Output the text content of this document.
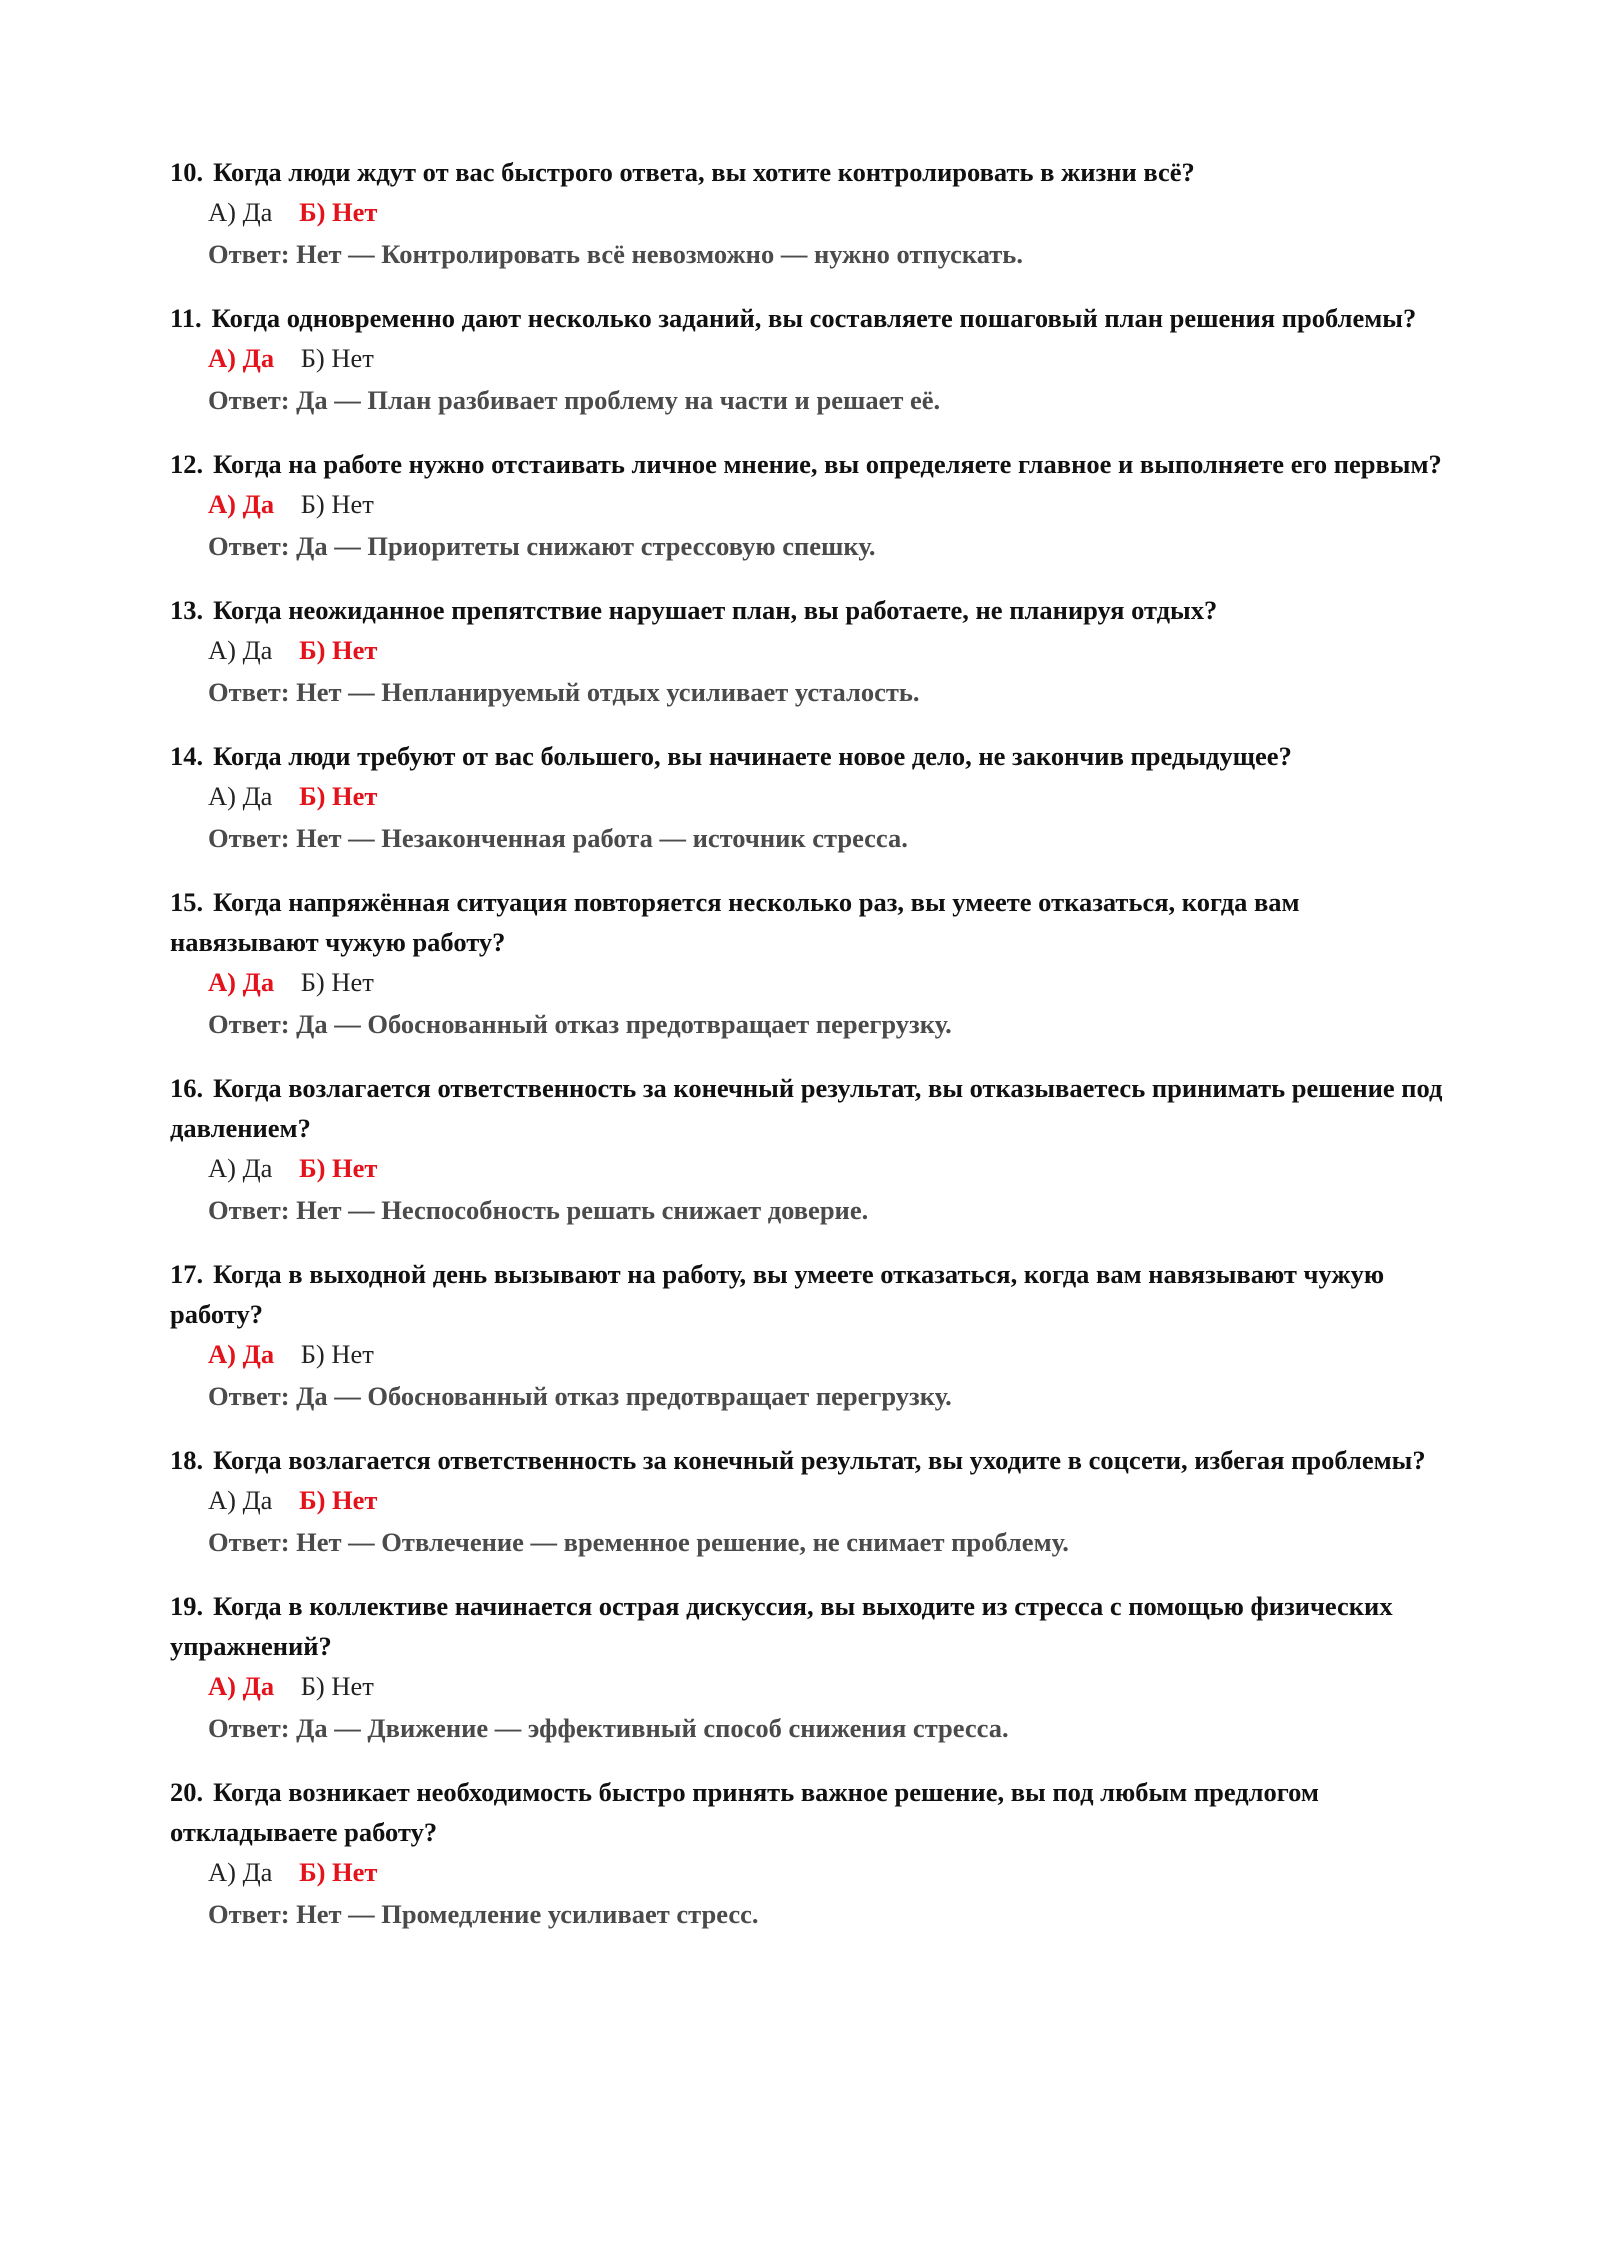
10. Когда люди ждут от вас быстрого ответа, вы хотите контролировать в жизни всё?

А) Да Б) Нет
Ответ: Нет — Контролировать всё невозможно — нужно отпускать.

11. Когда одновременно дают несколько заданий, вы составляете пошаговый план решения проблемы?

А) Да Б) Нет
Ответ: Да — План разбивает проблему на части и решает её.

12. Когда на работе нужно отстаивать личное мнение, вы определяете главное и выполняете его первым?

А) Да Б) Нет
Ответ: Да — Приоритеты снижают стрессовую спешку.

13. Когда неожиданное препятствие нарушает план, вы работаете, не планируя отдых?

А) Да Б) Нет
Ответ: Нет — Непланируемый отдых усиливает усталость.

14. Когда люди требуют от вас большего, вы начинаете новое дело, не закончив предыдущее?

А) Да Б) Нет
Ответ: Нет — Незаконченная работа — источник стресса.

15. Когда напряжённая ситуация повторяется несколько раз, вы умеете отказаться, когда вам навязывают чужую работу?

А) Да Б) Нет
Ответ: Да — Обоснованный отказ предотвращает перегрузку.

16. Когда возлагается ответственность за конечный результат, вы отказываетесь принимать решение под давлением?

А) Да Б) Нет
Ответ: Нет — Неспособность решать снижает доверие.

17. Когда в выходной день вызывают на работу, вы умеете отказаться, когда вам навязывают чужую работу?

А) Да Б) Нет
Ответ: Да — Обоснованный отказ предотвращает перегрузку.

18. Когда возлагается ответственность за конечный результат, вы уходите в соцсети, избегая проблемы?

А) Да Б) Нет
Ответ: Нет — Отвлечение — временное решение, не снимает проблему.

19. Когда в коллективе начинается острая дискуссия, вы выходите из стресса с помощью физических упражнений?

А) Да Б) Нет
Ответ: Да — Движение — эффективный способ снижения стресса.

20. Когда возникает необходимость быстро принять важное решение, вы под любым предлогом откладываете работу?

А) Да Б) Нет
Ответ: Нет — Промедление усиливает стресс.
